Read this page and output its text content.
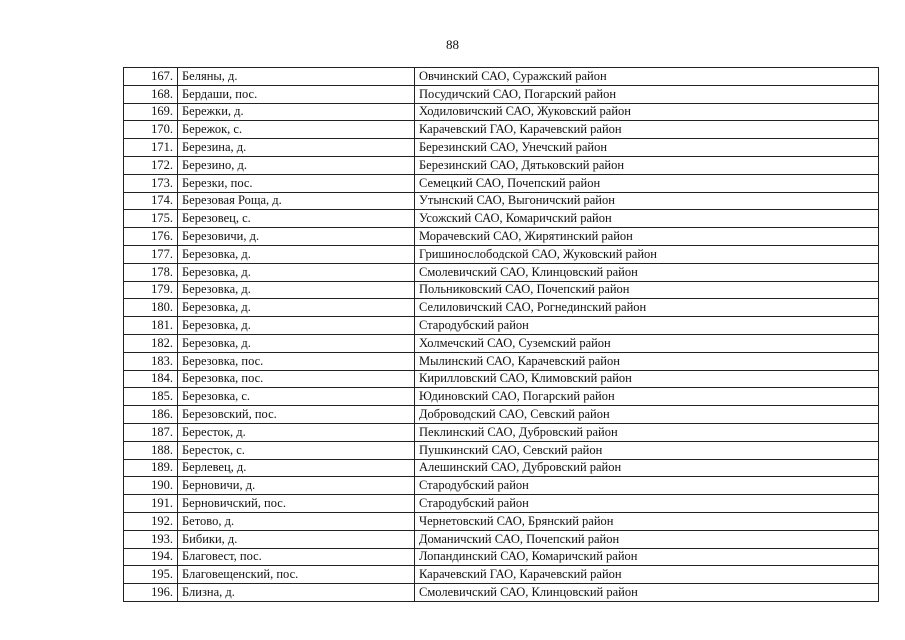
88
167.	Беляны, д.	Овчинский САО, Суражский район
168.	Бердаши, пос.	Посудичский САО, Погарский район
169.	Бережки, д.	Ходиловичский САО, Жуковский район
170.	Бережок, с.	Карачевский ГАО, Карачевский район
171.	Березина, д.	Березинский САО, Унечский район
172.	Березино, д.	Березинский САО, Дятьковский район
173.	Березки, пос.	Семецкий САО, Почепский район
174.	Березовая Роща, д.	Утынский САО, Выгоничский район
175.	Березовец, с.	Усожский САО, Комаричский район
176.	Березовичи, д.	Морачевский САО, Жирятинский район
177.	Березовка, д.	Гришинослободской САО, Жуковский район
178.	Березовка, д.	Смолевичский САО, Клинцовский район
179.	Березовка, д.	Польниковский САО, Почепский район
180.	Березовка, д.	Селиловичский САО, Рогнединский район
181.	Березовка, д.	Стародубский район
182.	Березовка, д.	Холмечский САО, Суземский район
183.	Березовка, пос.	Мылинский САО, Карачевский район
184.	Березовка, пос.	Кирилловский САО, Климовский район
185.	Березовка, с.	Юдиновский САО, Погарский район
186.	Березовский, пос.	Доброводский САО, Севский район
187.	Бересток, д.	Пеклинский САО, Дубровский район
188.	Бересток, с.	Пушкинский САО, Севский район
189.	Берлевец, д.	Алешинский САО, Дубровский район
190.	Берновичи, д.	Стародубский район
191.	Берновичский, пос.	Стародубский район
192.	Бетово, д.	Чернетовский САО, Брянский район
193.	Бибики, д.	Доманичский САО, Почепский район
194.	Благовест, пос.	Лопандинский САО, Комаричский район
195.	Благовещенский, пос.	Карачевский ГАО, Карачевский район
196.	Близна, д.	Смолевичский САО, Клинцовский район
